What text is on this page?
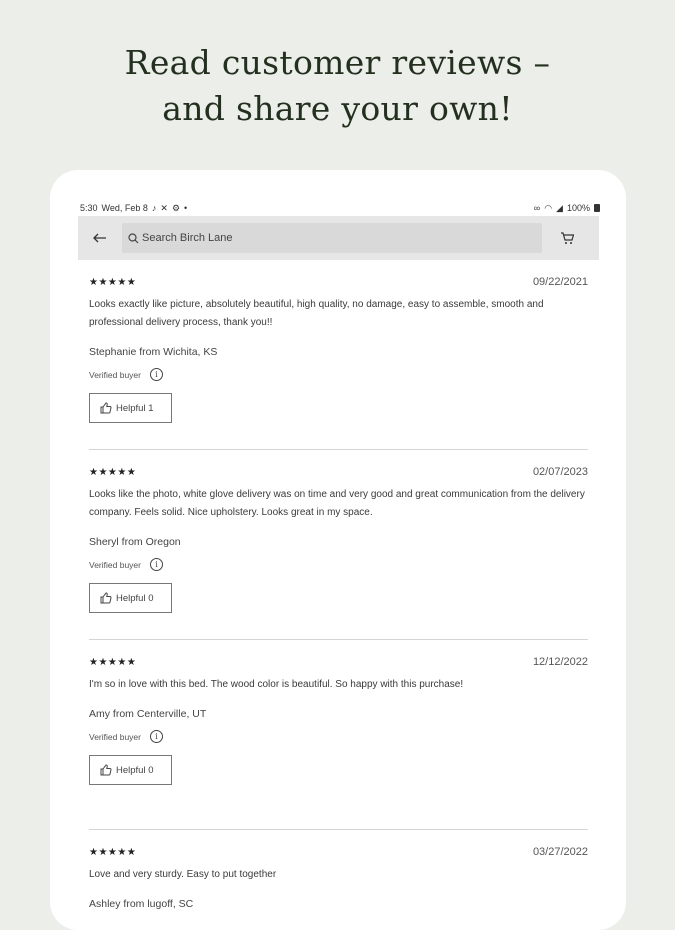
Read customer reviews –
and share your own!
5:30 Wed, Feb 8 ♪ ✕ ⚙ •	∞ ◠ ◢ 100%
Search Birch Lane
★★★★★	09/22/2021
Looks exactly like picture, absolutely beautiful, high quality, no damage, easy to assemble, smooth and professional delivery process, thank you!!
Stephanie from Wichita, KS
Verified buyer	i
Helpful 1
★★★★★	02/07/2023
Looks like the photo, white glove delivery was on time and very good and great communication from the delivery company. Feels solid. Nice upholstery. Looks great in my space.
Sheryl from Oregon
Verified buyer	i
Helpful 0
★★★★★	12/12/2022
I'm so in love with this bed. The wood color is beautiful. So happy with this purchase!
Amy from Centerville, UT
Verified buyer	i
Helpful 0
★★★★★	03/27/2022
Love and very sturdy. Easy to put together
Ashley from lugoff, SC
